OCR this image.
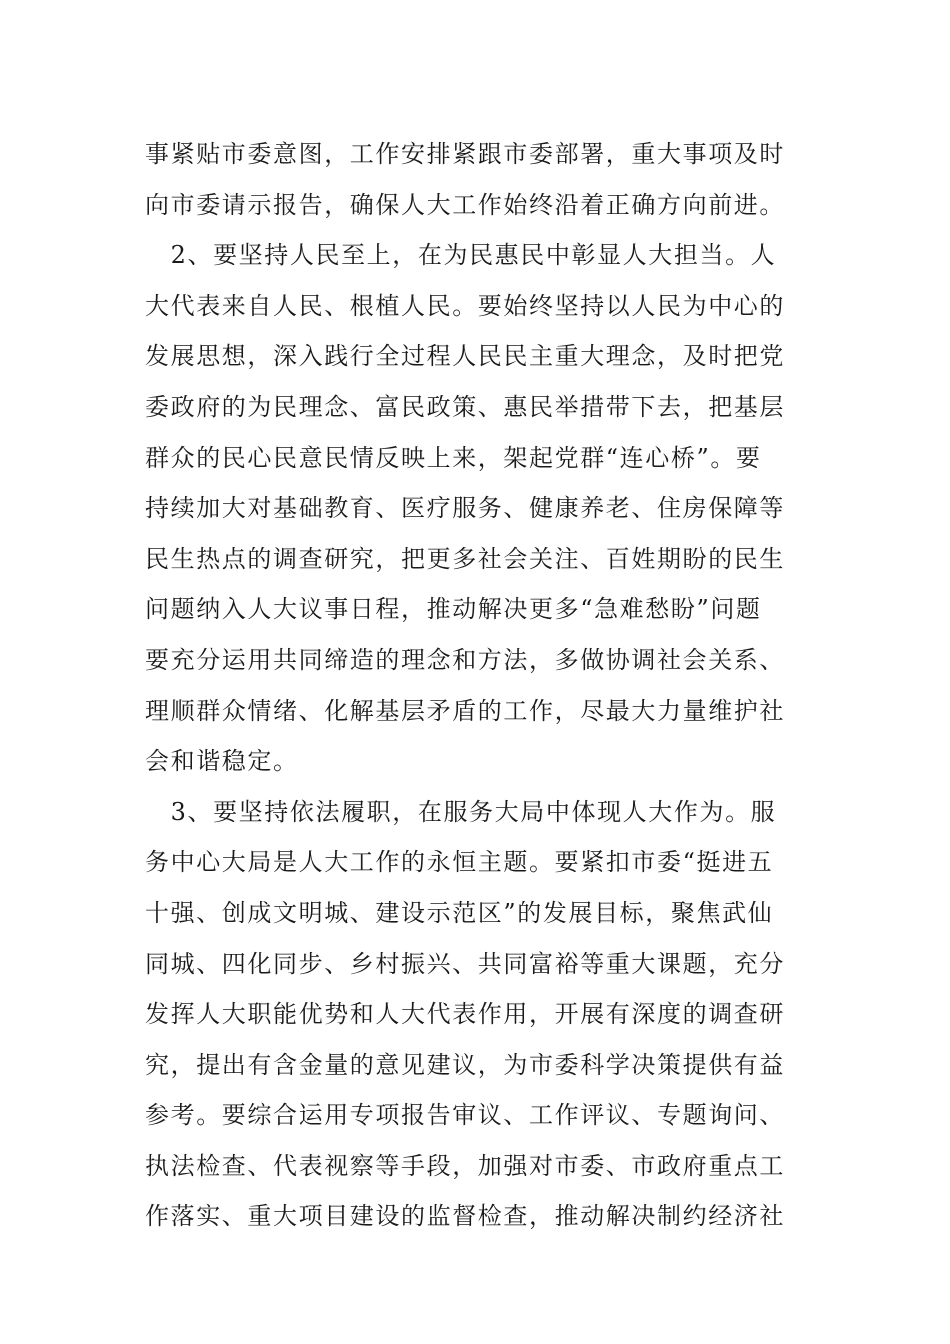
事紧贴市委意图，工作安排紧跟市委部署，重大事项及时
向市委请示报告，确保人大工作始终沿着正确方向前进。
　2、要坚持人民至上，在为民惠民中彰显人大担当。人
大代表来自人民、根植人民。要始终坚持以人民为中心的
发展思想，深入践行全过程人民民主重大理念，及时把党
委政府的为民理念、富民政策、惠民举措带下去，把基层
群众的民心民意民情反映上来，架起党群“连心桥”。要
持续加大对基础教育、医疗服务、健康养老、住房保障等
民生热点的调查研究，把更多社会关注、百姓期盼的民生
问题纳入人大议事日程，推动解决更多“急难愁盼”问题
要充分运用共同缔造的理念和方法，多做协调社会关系、
理顺群众情绪、化解基层矛盾的工作，尽最大力量维护社
会和谐稳定。
　3、要坚持依法履职，在服务大局中体现人大作为。服
务中心大局是人大工作的永恒主题。要紧扣市委“挺进五
十强、创成文明城、建设示范区”的发展目标，聚焦武仙
同城、四化同步、乡村振兴、共同富裕等重大课题，充分
发挥人大职能优势和人大代表作用，开展有深度的调查研
究，提出有含金量的意见建议，为市委科学决策提供有益
参考。要综合运用专项报告审议、工作评议、专题询问、
执法检查、代表视察等手段，加强对市委、市政府重点工
作落实、重大项目建设的监督检查，推动解决制约经济社
